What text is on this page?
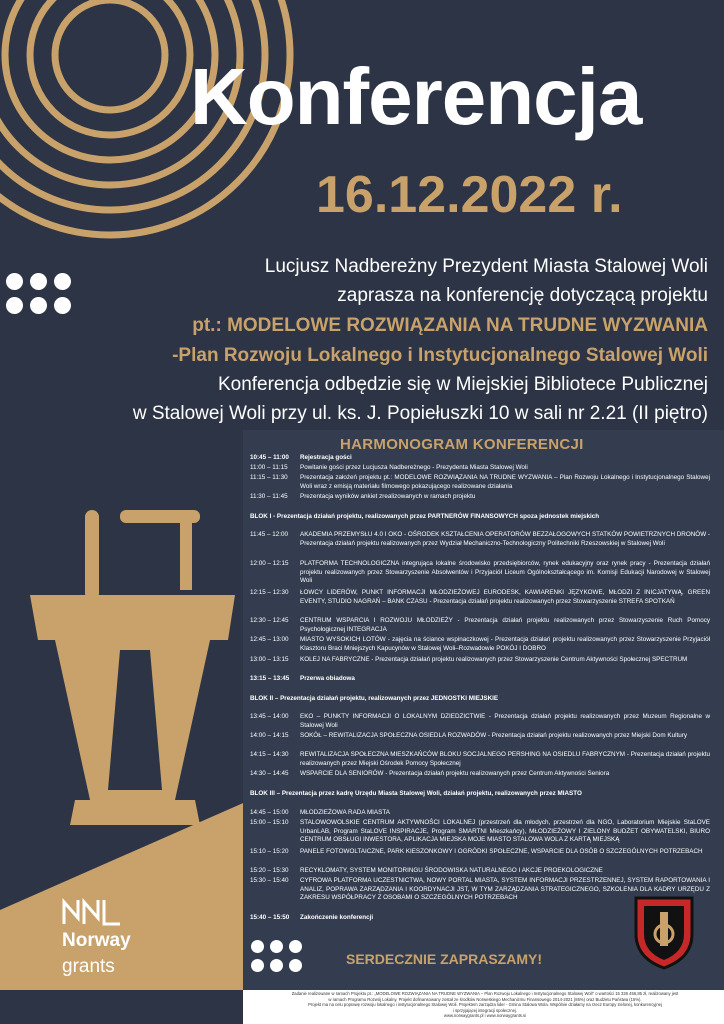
Konferencja
16.12.2022 r.
Lucjusz Nadbereżny Prezydent Miasta Stalowej Woli
zaprasza na konferencję dotyczącą projektu
pt.: MODELOWE ROZWIĄZANIA NA TRUDNE WYZWANIA
-Plan Rozwoju Lokalnego i Instytucjonalnego Stalowej Woli
Konferencja odbędzie się w Miejskiej Bibliotece Publicznej
w Stalowej Woli przy ul. ks. J. Popiełuszki 10 w sali nr 2.21 (II piętro)
HARMONOGRAM KONFERENCJI
10:45 – 11:00	Rejestracja gości
11:00 – 11:15	Powitanie gości przez Lucjusza Nadbereżnego - Prezydenta Miasta Stalowej Woli
11:15 – 11:30	Prezentacja założeń projektu pt.: MODELOWE ROZWIĄZANIA NA TRUDNE WYZWANIA – Plan Rozwoju Lokalnego i Instytucjonalnego Stalowej Woli wraz z emisją materiału filmowego pokazującego realizowane działania
11:30 – 11:45	Prezentacja wyników ankiet zrealizowanych w ramach projektu
BLOK I - Prezentacja działań projektu, realizowanych przez PARTNERÓW FINANSOWYCH spoza jednostek miejskich
11:45 – 12:00	AKADEMIA PRZEMYSŁU 4.0 I OKO - OŚRODEK KSZTAŁCENIA OPERATORÓW BEZZAŁOGOWYCH STATKÓW POWIETRZNYCH DRONÓW - Prezentacja działań projektu realizowanych przez Wydział Mechaniczno-Technologiczny Politechniki Rzeszowskiej w Stalowej Woli
12:00 – 12:15	PLATFORMA TECHNOLOGICZNA integrująca lokalne środowisko przedsiębiorców, rynek edukacyjny oraz rynek pracy - Prezentacja działań projektu realizowanych przez Stowarzyszenie Absolwentów i Przyjaciół Liceum Ogólnokształcącego im. Komisji Edukacji Narodowej w Stalowej Woli
12:15 – 12:30	ŁOWCY LIDERÓW, PUNKT INFORMACJI MŁODZIEŻOWEJ EURODESK, KAWIARENKI JĘZYKOWE, MŁODZI Z INICJATYWĄ, GREEN EVENTY, STUDIO NAGRAŃ – BANK CZASU - Prezentacja działań projektu realizowanych przez Stowarzyszenie STREFA SPOTKAŃ
12:30 – 12:45	CENTRUM WSPARCIA I ROZWOJU MŁODZIEŻY - Prezentacja działań projektu realizowanych przez Stowarzyszenie Ruch Pomocy Psychologicznej INTEGRACJA
12:45 – 13:00	MIASTO WYSOKICH LOTÓW - zajęcia na ściance wspinaczkowej - Prezentacja działań projektu realizowanych przez Stowarzyszenie Przyjaciół Klasztoru Braci Mniejszych Kapucynów w Stalowej Woli–Rozwadowie POKÓJ I DOBRO
13:00 – 13:15	KOLEJ NA FABRYCZNE - Prezentacja działań projektu realizowanych przez Stowarzyszenie Centrum Aktywności Społecznej SPECTRUM
13:15 – 13:45	Przerwa obiadowa
BLOK II – Prezentacja działań projektu, realizowanych przez JEDNOSTKI MIEJSKIE
13:45 – 14:00	EKO – PUNKTY INFORMACJI O LOKALNYM DZIEDZICTWIE - Prezentacja działań projektu realizowanych przez Muzeum Regionalne w Stalowej Woli
14:00 – 14:15	SOKÓŁ – REWITALIZACJA SPOŁECZNA OSIEDLA ROZWADÓW - Prezentacja działań projektu realizowanych przez Miejski Dom Kultury
14:15 – 14:30	REWITALIZACJA SPOŁECZNA MIESZKAŃCÓW BLOKU SOCJALNEGO PERSHING NA OSIEDLU FABRYCZNYM - Prezentacja działań projektu realizowanych przez Miejski Ośrodek Pomocy Społecznej
14:30 – 14:45	WSPARCIE DLA SENIORÓW - Prezentacja działań projektu realizowanych przez Centrum Aktywności Seniora
BLOK III – Prezentacja przez kadrę Urzędu Miasta Stalowej Woli, działań projektu, realizowanych przez MIASTO
14:45 – 15:00	MŁODZIEŻOWA RADA MIASTA
15:00 – 15:10	STALOWOWOLSKIE CENTRUM AKTYWNOŚCI LOKALNEJ (przestrzeń dla młodych, przestrzeń dla NGO, Laboratorium Miejskie StaLOVE UrbanLAB, Program StaLOVE INSPIRACJE, Program SMARTNI Mieszkańcy), MŁODZIEŻOWY I ZIELONY BUDŻET OBYWATELSKI, BIURO CENTRUM OBSŁUGI INWESTORA, APLIKACJA MIEJSKA MOJE MIASTO STALOWA WOLA Z KARTĄ MIEJSKĄ
15:10 – 15:20	PANELE FOTOWOLTAICZNE, PARK KIESZONKOWY I OGRÓDKI SPOŁECZNE, WSPARCIE DLA OSÓB O SZCZEGÓLNYCH POTRZEBACH
15:20 – 15:30	RECYKLOMATY, SYSTEM MONITORINGU ŚRODOWISKA NATURALNEGO I AKCJE PROEKOLOGICZNE
15:30 – 15:40	CYFROWA PLATFORMA UCZESTNICTWA, NOWY PORTAL MIASTA, SYSTEM INFORMACJI PRZESTRZENNEJ, SYSTEM RAPORTOWANIA I ANALIZ, POPRAWA ZARZĄDZANIA I KOORDYNACJI JST, W TYM ZARZĄDZANIA STRATEGICZNEGO, SZKOLENIA DLA KADRY URZĘDU Z ZAKRESU WSPÓŁPRACY Z OSOBAMI O SZCZEGÓLNYCH POTRZEBACH
15:40 – 15:50	Zakończenie konferencji
SERDECZNIE ZAPRASZAMY!
Norway
grants
Zadanie realizowane w ramach Projektu pt.: „MODELOWE ROZWIĄZANIA NA TRUDNE WYZWANIA – Plan Rozwoju Lokalnego i Instytucjonalnego Stalowej Woli" o wartości 15 326 456,85 zł, realizowany jest
w ramach Programu Rozwój Lokalny. Projekt dofinansowany został ze środków Norweskiego Mechanizmu Finansowego 2014-2021 (85%) oraz Budżetu Państwa (15%).
Projekt ma na celu poprawę rozwoju lokalnego i instytucjonalnego Stalowej Woli. Projektem zarządza lider - Gmina Stalowa Wola. Wspólnie działamy na rzecz Europy zielonej, konkurencyjnej
i sprzyjającej integracji społecznej.
www.norwaygrants.pl i www.norwaygrants.si
